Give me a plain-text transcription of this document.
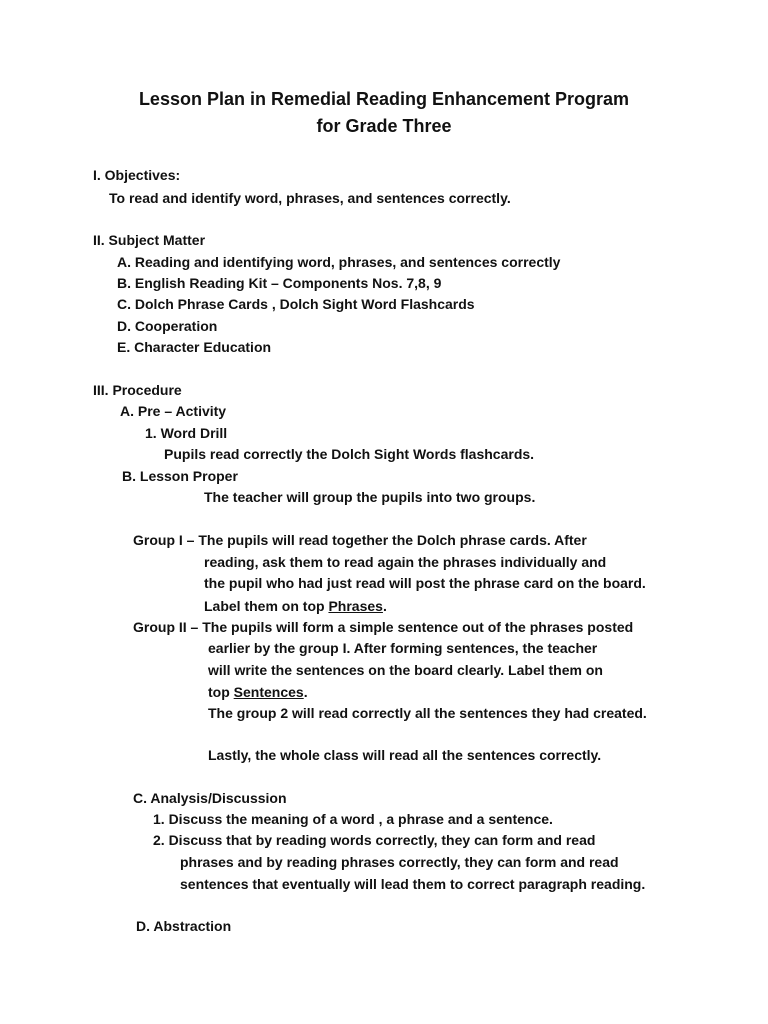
Lesson Plan in Remedial Reading Enhancement Program
for Grade Three
I. Objectives:
To read and identify word, phrases, and sentences correctly.
II. Subject Matter
A. Reading and identifying word, phrases, and sentences correctly
B. English Reading Kit – Components Nos. 7,8, 9
C. Dolch Phrase Cards , Dolch Sight Word Flashcards
D. Cooperation
E. Character Education
III. Procedure
A. Pre – Activity
1. Word Drill
Pupils read correctly the Dolch Sight Words flashcards.
B. Lesson Proper
The teacher will group the pupils into two groups.
Group I – The pupils will read together the Dolch phrase cards. After
reading, ask them to read again the phrases individually and
the pupil who had just read will post the phrase card on the board.
Label them on top Phrases.
Group II – The pupils will form a simple sentence out of the phrases posted
earlier by the group I. After forming sentences, the teacher
will write the sentences on the board clearly. Label them on
top Sentences.
The group 2 will read correctly all the sentences they had created.
Lastly, the whole class will read all the sentences correctly.
C. Analysis/Discussion
1. Discuss the meaning of a word , a phrase and a sentence.
2. Discuss that by reading words correctly, they can form and read
phrases and by reading phrases correctly, they can form and read
sentences that eventually will lead them to correct paragraph reading.
D. Abstraction
